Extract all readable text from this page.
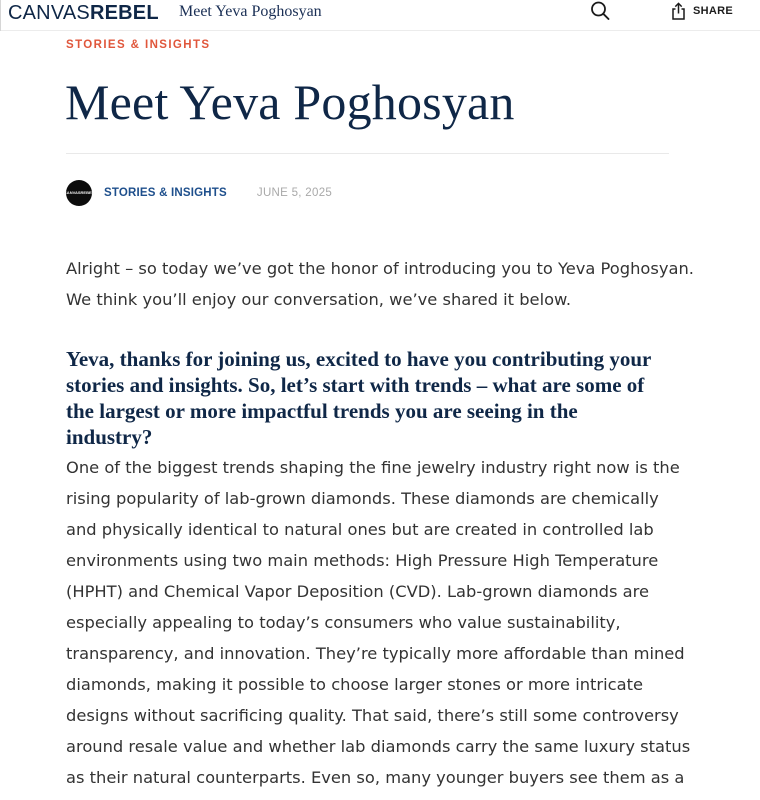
CANVASREBEL Meet Yeva Poghosyan	SHARE
STORIES & INSIGHTS
Meet Yeva Poghosyan
CANVASREBEL STORIES & INSIGHTS	JUNE 5, 2025

Alright – so today we’ve got the honor of introducing you to Yeva Poghosyan.

We think you’ll enjoy our conversation, we’ve shared it below.

Yeva, thanks for joining us, excited to have you contributing your
stories and insights. So, let’s start with trends – what are some of
the largest or more impactful trends you are seeing in the
industry?
One of the biggest trends shaping the fine jewelry industry right now is the
rising popularity of lab-grown diamonds. These diamonds are chemically
and physically identical to natural ones but are created in controlled lab
environments using two main methods: High Pressure High Temperature
(HPHT) and Chemical Vapor Deposition (CVD). Lab-grown diamonds are
especially appealing to today’s consumers who value sustainability,
transparency, and innovation. They’re typically more affordable than mined
diamonds, making it possible to choose larger stones or more intricate
designs without sacrificing quality. That said, there’s still some controversy
around resale value and whether lab diamonds carry the same luxury status
as their natural counterparts. Even so, many younger buyers see them as a
